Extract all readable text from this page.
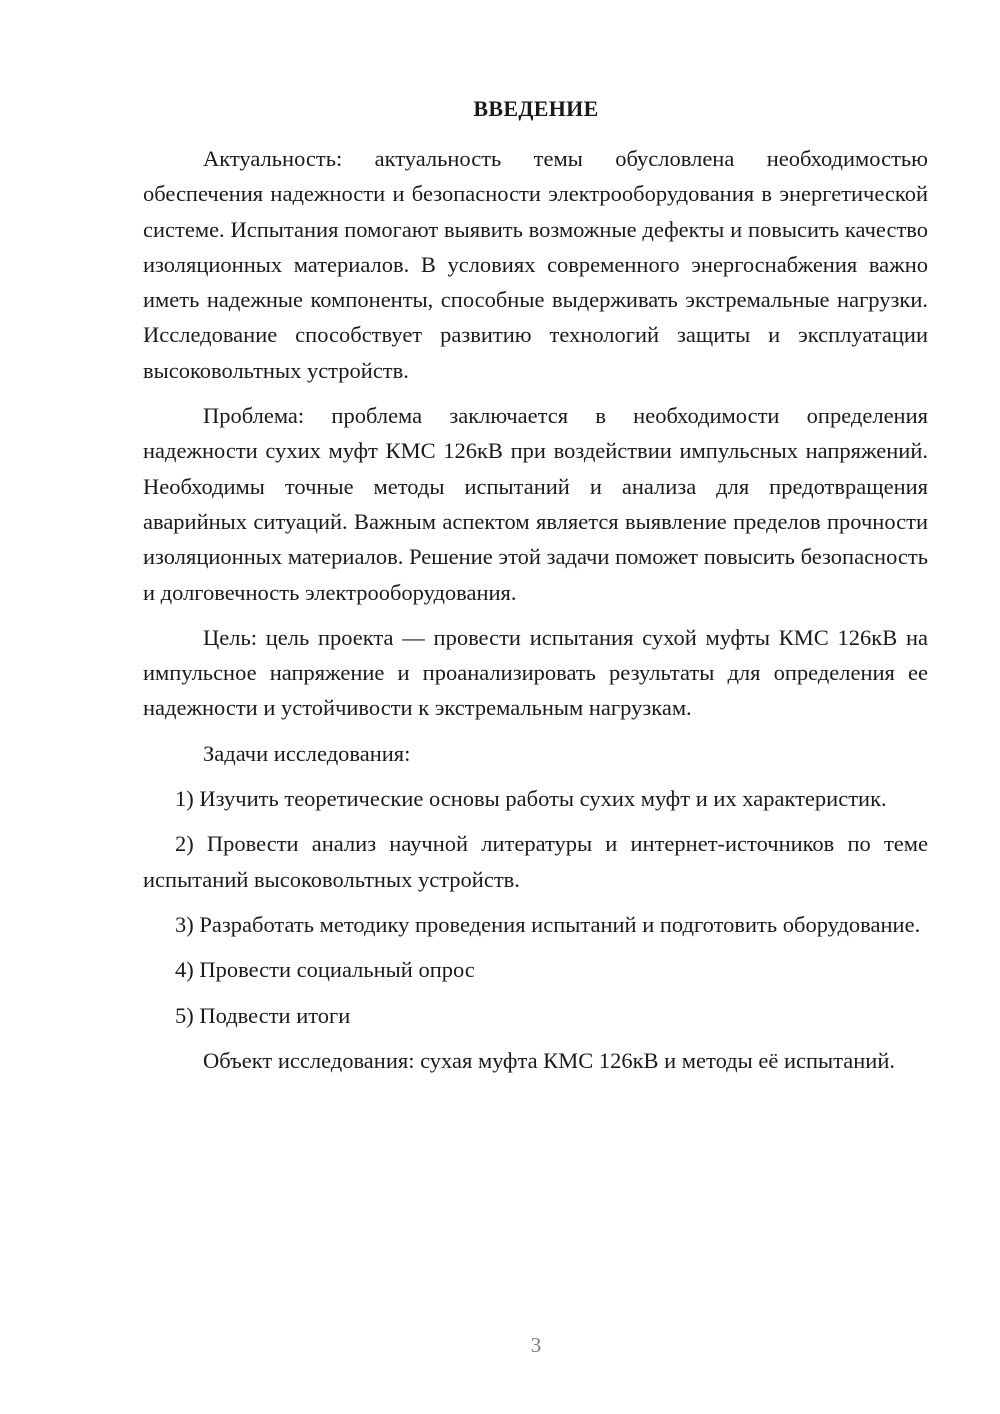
ВВЕДЕНИЕ

Актуальность: актуальность темы обусловлена необходимостью обеспечения надежности и безопасности электрооборудования в энергетической системе. Испытания помогают выявить возможные дефекты и повысить качество изоляционных материалов. В условиях современного энергоснабжения важно иметь надежные компоненты, способные выдерживать экстремальные нагрузки. Исследование способствует развитию технологий защиты и эксплуатации высоковольтных устройств.

Проблема: проблема заключается в необходимости определения надежности сухих муфт КМС 126кВ при воздействии импульсных напряжений. Необходимы точные методы испытаний и анализа для предотвращения аварийных ситуаций. Важным аспектом является выявление пределов прочности изоляционных материалов. Решение этой задачи поможет повысить безопасность и долговечность электрооборудования.

Цель: цель проекта — провести испытания сухой муфты КМС 126кВ на импульсное напряжение и проанализировать результаты для определения ее надежности и устойчивости к экстремальным нагрузкам.

Задачи исследования:

1) Изучить теоретические основы работы сухих муфт и их характеристик.

2) Провести анализ научной литературы и интернет-источников по теме испытаний высоковольтных устройств.

3) Разработать методику проведения испытаний и подготовить оборудование.

4) Провести социальный опрос

5) Подвести итоги

Объект исследования: сухая муфта КМС 126кВ и методы её испытаний.

3
